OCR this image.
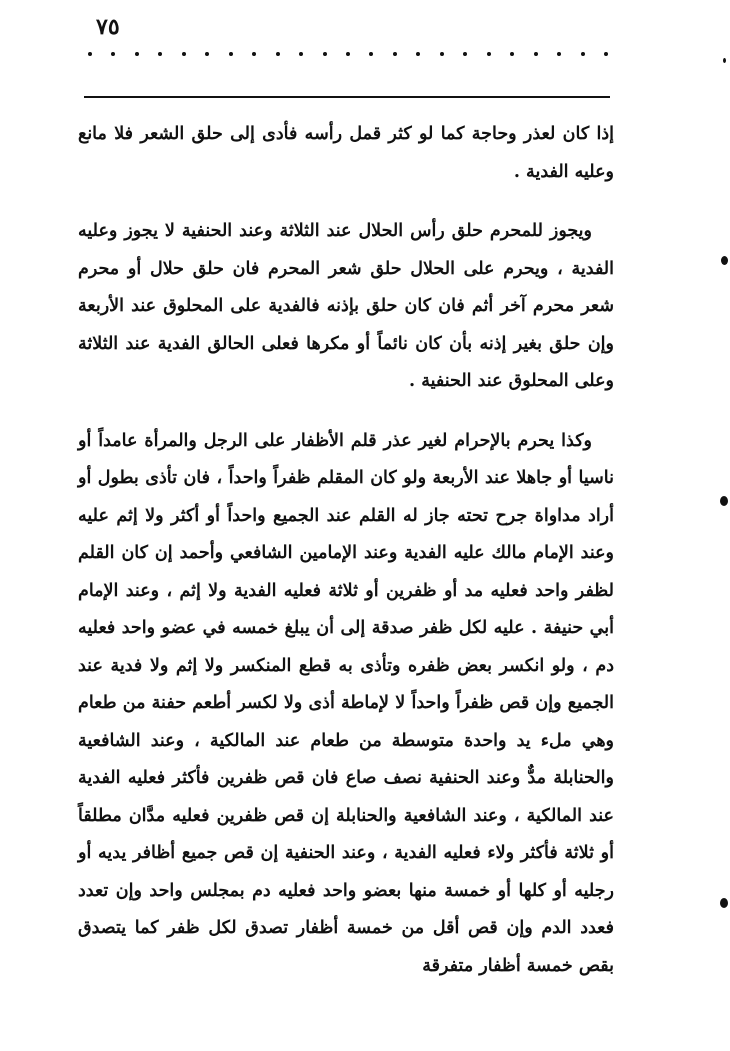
٧٥

إذا كان لعذر وحاجة كما لو كثر قمل رأسه فأدى إلى حلق الشعر فلا مانع وعليه الفدية .

ويجوز للمحرم حلق رأس الحلال عند الثلاثة وعند الحنفية لا يجوز وعليه الفدية ، ويحرم على الحلال حلق شعر المحرم فان حلق حلال أو محرم شعر محرم آخر أثم فان كان حلق بإذنه فالفدية على المحلوق عند الأربعة وإن حلق بغير إذنه بأن كان نائماً أو مكرها فعلى الحالق الفدية عند الثلاثة وعلى المحلوق عند الحنفية .

وكذا يحرم بالإحرام لغير عذر قلم الأظفار على الرجل والمرأة عامداً أو ناسيا أو جاهلا عند الأربعة ولو كان المقلم ظفراً واحداً ، فان تأذى بطول أو أراد مداواة جرح تحته جاز له القلم عند الجميع واحداً أو أكثر ولا إثم عليه وعند الإمام مالك عليه الفدية وعند الإمامين الشافعي وأحمد إن كان القلم لظفر واحد فعليه مد أو ظفرين أو ثلاثة فعليه الفدية ولا إثم ، وعند الإمام أبي حنيفة . عليه لكل ظفر صدقة إلى أن يبلغ خمسه في عضو واحد فعليه دم ، ولو انكسر بعض ظفره وتأذى به قطع المنكسر ولا إثم ولا فدية عند الجميع وإن قص ظفراً واحداً لا لإماطة أذى ولا لكسر أطعم حفنة من طعام وهي ملء يد واحدة متوسطة من طعام عند المالكية ، وعند الشافعية والحنابلة مدٌّ وعند الحنفية نصف صاع فان قص ظفرين فأكثر فعليه الفدية عند المالكية ، وعند الشافعية والحنابلة إن قص ظفرين فعليه مدَّان مطلقاً أو ثلاثة فأكثر ولاء فعليه الفدية ، وعند الحنفية إن قص جميع أظافر يديه أو رجليه أو كلها أو خمسة منها بعضو واحد فعليه دم بمجلس واحد وإن تعدد فعدد الدم وإن قص أقل من خمسة أظفار تصدق لكل ظفر كما يتصدق بقص خمسة أظفار متفرقة
